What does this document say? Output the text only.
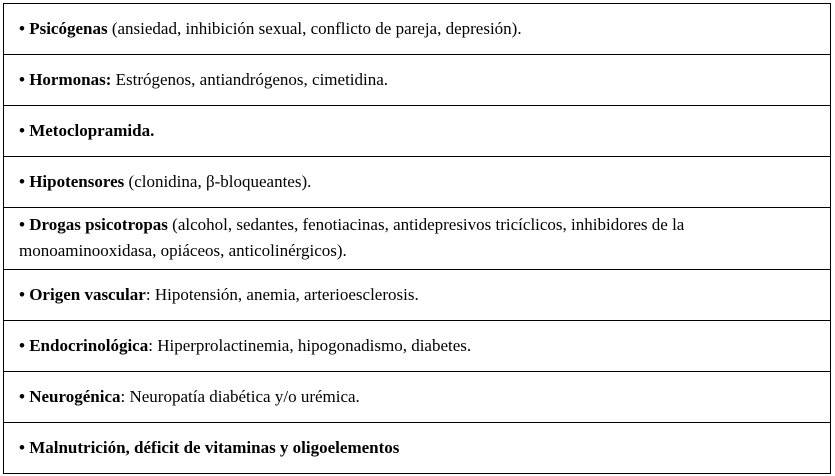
• Psicógenas (ansiedad, inhibición sexual, conflicto de pareja, depresión).
• Hormonas: Estrógenos, antiandrógenos, cimetidina.
• Metoclopramida.
• Hipotensores (clonidina, β-bloqueantes).
• Drogas psicotropas (alcohol, sedantes, fenotiacinas, antidepresivos tricíclicos, inhibidores de la monoaminooxidasa, opiáceos, anticolinérgicos).
• Origen vascular: Hipotensión, anemia, arterioesclerosis.
• Endocrinológica: Hiperprolactinemia, hipogonadismo, diabetes.
• Neurogénica: Neuropatía diabética y/o urémica.
• Malnutrición, déficit de vitaminas y oligoelementos
